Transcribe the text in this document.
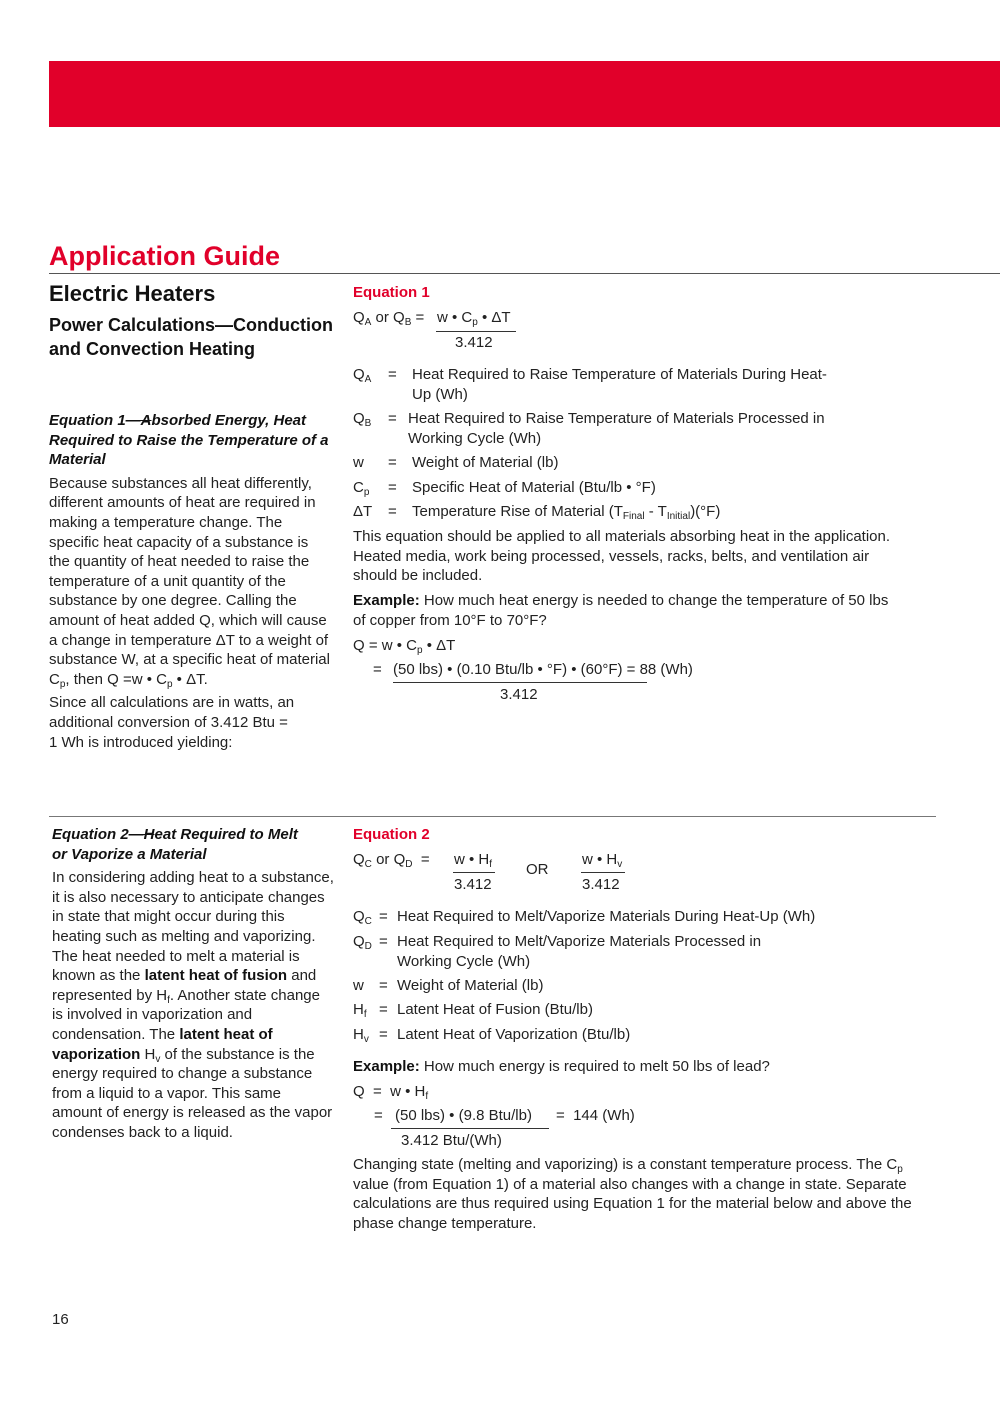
Application Guide
Electric Heaters
Power Calculations—Conduction and Convection Heating

Equation 1—Absorbed Energy, Heat Required to Raise the Temperature of a Material

Because substances all heat differently, different amounts of heat are required in making a temperature change. The specific heat capacity of a substance is the quantity of heat needed to raise the temperature of a unit quantity of the substance by one degree. Calling the amount of heat added Q, which will cause a change in temperature ΔT to a weight of substance W, at a specific heat of material $C_p$, then Q =w • $C_p$ • ΔT.

Since all calculations are in watts, an additional conversion of 3.412 Btu = 1 Wh is introduced yielding:

Equation 1
$Q_A$ or $Q_B = w$ • $C_p$ • ΔT
3.412
$Q_A$ = Heat Required to Raise Temperature of Materials During Heat-Up (Wh)
$Q_B$ = Heat Required to Raise Temperature of Materials Processed in Working Cycle (Wh)
w = Weight of Material (lb)
$C_p$ = Specific Heat of Material (Btu/lb • °F)
ΔT = Temperature Rise of Material $(T_{Final} - T_{Initial})(^\circ F)$
This equation should be applied to all materials absorbing heat in the application. Heated media, work being processed, vessels, racks, belts, and ventilation air should be included.
Example: How much heat energy is needed to change the temperature of 50 lbs of copper from 10°F to 70°F?
Q = w • $C_p$ • ΔT
= (50 lbs) • (0.10 Btu/lb • °F) • (60°F) = 88 (Wh)
3.412

Equation 2—Heat Required to Melt or Vaporize a Material

In considering adding heat to a substance, it is also necessary to anticipate changes in state that might occur during this heating such as melting and vaporizing. The heat needed to melt a material is known as the latent heat of fusion and represented by $H_f$. Another state change is involved in vaporization and condensation. The latent heat of vaporization $H_v$ of the substance is the energy required to change a substance from a liquid to a vapor. This same amount of energy is released as the vapor condenses back to a liquid.

Equation 2
$Q_C$ or $Q_D = w$ • $H_f$
3.412
OR
w • $H_v$
3.412
$Q_C$ = Heat Required to Melt/Vaporize Materials During Heat-Up (Wh)
$Q_D$ = Heat Required to Melt/Vaporize Materials Processed in Working Cycle (Wh)
w = Weight of Material (lb)
$H_f$ = Latent Heat of Fusion (Btu/lb)
$H_v$ = Latent Heat of Vaporization (Btu/lb)
Example: How much energy is required to melt 50 lbs of lead?
Q  =  w • $H_f$
= (50 lbs) • (9.8 Btu/lb) =  144 (Wh)
3.412 Btu/(Wh)
Changing state (melting and vaporizing) is a constant temperature process. The $C_p$ value (from Equation 1) of a material also changes with a change in state. Separate calculations are thus required using Equation 1 for the material below and above the phase change temperature.
16
